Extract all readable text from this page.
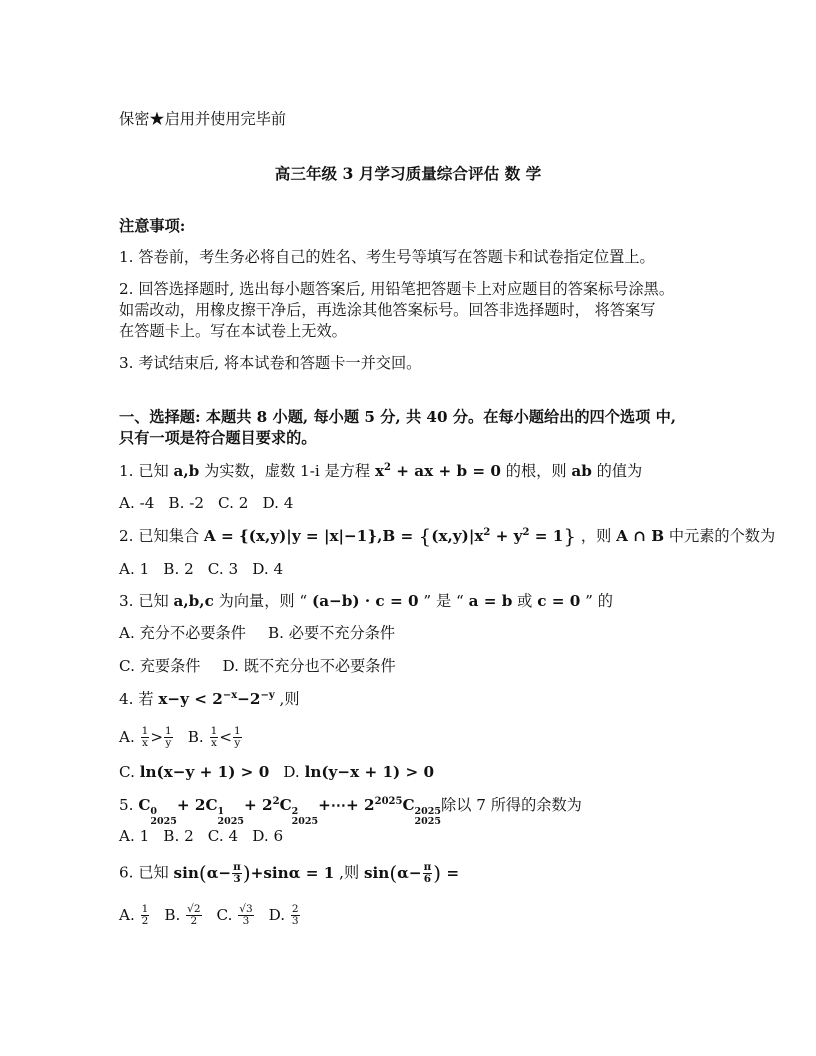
保密★启用并使用完毕前
高三年级 3 月学习质量综合评估 数 学
注意事项:
1. 答卷前，考生务必将自己的姓名、考生号等填写在答题卡和试卷指定位置上。
2. 回答选择题时, 选出每小题答案后, 用铅笔把答题卡上对应题目的答案标号涂黑。
如需改动，用橡皮擦干净后，再选涂其他答案标号。回答非选择题时， 将答案写
在答题卡上。写在本试卷上无效。
3. 考试结束后, 将本试卷和答题卡一并交回。
一、选择题: 本题共 8 小题, 每小题 5 分, 共 40 分。在每小题给出的四个选项 中,
只有一项是符合题目要求的。
1. 已知 a,b 为实数，虚数 1-i 是方程 $x^2$ + ax + b = 0 的根，则 ab 的值为
A. -4 B. -2 C. 2 D. 4
2. 已知集合 $A = \{(x,y)|y = |x|-1\},B = \{(x,y)|x^2 + y^2 = 1\}$ ，则 A ∩ B 中元素的个数为
A. 1 B. 2 C. 3 D. 4
3. 已知 a,b,c 为向量，则 “ (a−b) · c = 0 ” 是 “ a = b 或 c = 0 ” 的
A. 充分不必要条件 B. 必要不充分条件
C. 充要条件 D. 既不充分也不必要条件
4. 若 $x-y < 2^{-x}-2^{-y}$ ,则
A. $\frac{1}{x} > \frac{1}{y} B$. $\frac{1}{x} < \frac{1}{y}$
C. ln(x−y + 1) > 0 D. ln(y−x + 1) > 0
5. C 0
2025
+ 2C 1
2025
+ $2^2C$ 2
2025
+⋯+ $2^{2025}C$ 2025
2025
除以 7 所得的余数为
A. 1 B. 2 C. 4 D. 6
6. 已知 $\sin(\alpha- \frac{\pi}{3} )+\sin\alpha = 1$ ,则 $\sin(\alpha- \frac{\pi}{6}$ ) =
A. $\frac{1}{2} B$. $\frac{√2}{2} C$. $\frac{√3}{3} D$. $\frac{2}{3}$
